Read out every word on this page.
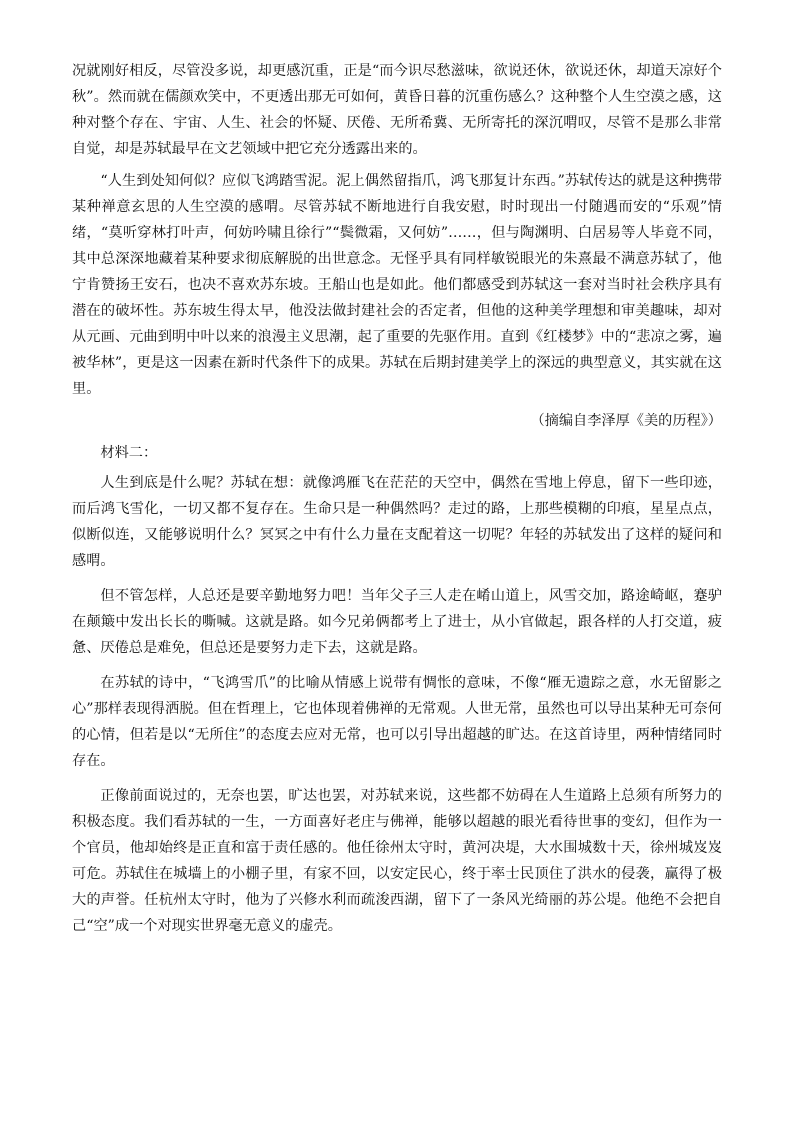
况就刚好相反，尽管没多说，却更感沉重，正是“而今识尽愁滋味，欲说还休，欲说还休，却道天凉好个秋”。然而就在儒颜欢笑中，不更透出那无可如何，黄昏日暮的沉重伤感么？这种整个人生空漠之感，这种对整个存在、宇宙、人生、社会的怀疑、厌倦、无所希冀、无所寄托的深沉喟叹，尽管不是那么非常自觉，却是苏轼最早在文艺领域中把它充分透露出来的。

“人生到处知何似？应似飞鸿踏雪泥。泥上偶然留指爪，鸿飞那复计东西。”苏轼传达的就是这种携带某种禅意玄思的人生空漠的感喟。尽管苏轼不断地进行自我安慰，时时现出一付随遇而安的“乐观”情绪，“莫听穿林打叶声，何妨吟啸且徐行”“鬓微霜，又何妨”……，但与陶渊明、白居易等人毕竟不同，其中总深深地藏着某种要求彻底解脱的出世意念。无怪乎具有同样敏锐眼光的朱熹最不满意苏轼了，他宁肯赞扬王安石，也决不喜欢苏东坡。王船山也是如此。他们都感受到苏轼这一套对当时社会秩序具有潜在的破坏性。苏东坡生得太早，他没法做封建社会的否定者，但他的这种美学理想和审美趣味，却对从元画、元曲到明中叶以来的浪漫主义思潮，起了重要的先驱作用。直到《红楼梦》中的“悲凉之雾，遍被华林”，更是这一因素在新时代条件下的成果。苏轼在后期封建美学上的深远的典型意义，其实就在这里。

（摘编自李泽厚《美的历程》）

材料二：

人生到底是什么呢？苏轼在想：就像鸿雁飞在茫茫的天空中，偶然在雪地上停息，留下一些印迹，而后鸿飞雪化，一切又都不复存在。生命只是一种偶然吗？走过的路，上那些模糊的印痕，星星点点，似断似连，又能够说明什么？冥冥之中有什么力量在支配着这一切呢？年轻的苏轼发出了这样的疑问和感喟。

但不管怎样，人总还是要辛勤地努力吧！当年父子三人走在崤山道上，风雪交加，路途崎岖，蹇驴在颠簸中发出长长的嘶喊。这就是路。如今兄弟俩都考上了进士，从小官做起，跟各样的人打交道，疲惫、厌倦总是难免，但总还是要努力走下去，这就是路。

在苏轼的诗中，“飞鸿雪爪”的比喻从情感上说带有惆怅的意味，不像“雁无遗踪之意，水无留影之心”那样表现得洒脱。但在哲理上，它也体现着佛禅的无常观。人世无常，虽然也可以导出某种无可奈何的心情，但若是以“无所住”的态度去应对无常，也可以引导出超越的旷达。在这首诗里，两种情绪同时存在。

正像前面说过的，无奈也罢，旷达也罢，对苏轼来说，这些都不妨碍在人生道路上总须有所努力的积极态度。我们看苏轼的一生，一方面喜好老庄与佛禅，能够以超越的眼光看待世事的变幻，但作为一个官员，他却始终是正直和富于责任感的。他任徐州太守时，黄河决堤，大水围城数十天，徐州城岌岌可危。苏轼住在城墙上的小棚子里，有家不回，以安定民心，终于率士民顶住了洪水的侵袭，赢得了极大的声誉。任杭州太守时，他为了兴修水利而疏浚西湖，留下了一条风光绮丽的苏公堤。他绝不会把自己“空”成一个对现实世界毫无意义的虚壳。
